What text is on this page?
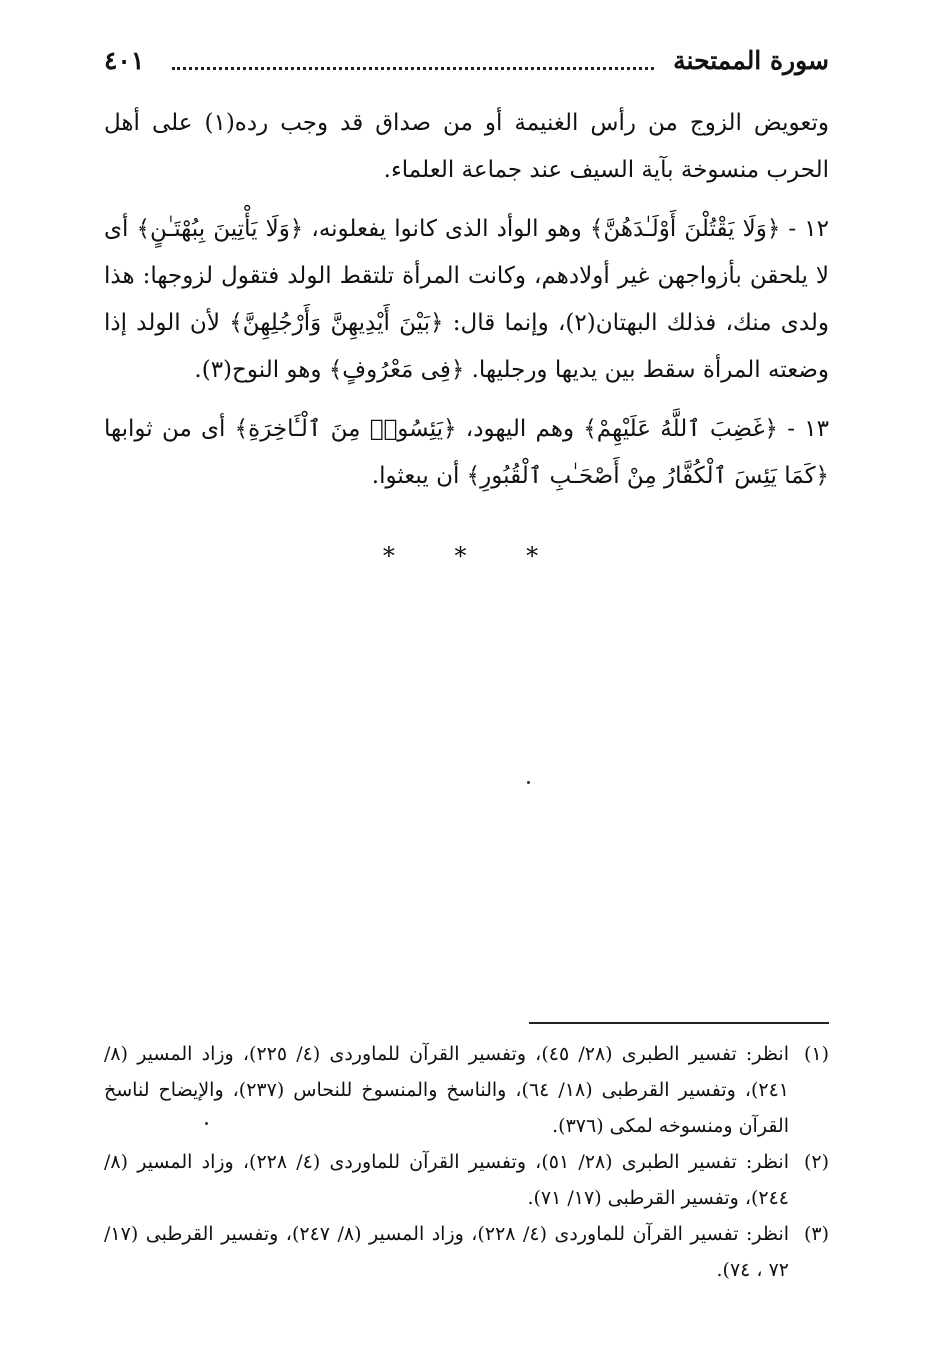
سورة الممتحنة
٤٠١

وتعويض الزوج من رأس الغنيمة أو من صداق قد وجب رده(١) على أهل الحرب منسوخة بآية السيف عند جماعة العلماء.

١٢ - ﴿وَلَا يَقْتُلْنَ أَوْلَـٰدَهُنَّ﴾ وهو الوأد الذى كانوا يفعلونه، ﴿وَلَا يَأْتِينَ بِبُهْتَـٰنٍ﴾ أى لا يلحقن بأزواجهن غير أولادهم، وكانت المرأة تلتقط الولد فتقول لزوجها: هذا ولدى منك، فذلك البهتان(٢)، وإنما قال: ﴿بَيْنَ أَيْدِيهِنَّ وَأَرْجُلِهِنَّ﴾ لأن الولد إذا وضعته المرأة سقط بين يديها ورجليها. ﴿فِى مَعْرُوفٍ﴾ وهو النوح(٣).

١٣ - ﴿غَضِبَ ٱللَّهُ عَلَيْهِمْ﴾ وهم اليهود، ﴿يَئِسُوا۟ مِنَ ٱلْـَٔاخِرَةِ﴾ أى من ثوابها ﴿كَمَا يَئِسَ ٱلْكُفَّارُ مِنْ أَصْحَـٰبِ ٱلْقُبُورِ﴾ أن يبعثوا.

* * *
(١)
انظر: تفسير الطبرى (٢٨/ ٤٥)، وتفسير القرآن للماوردى (٤/ ٢٢٥)، وزاد المسير (٨/ ٢٤١)، وتفسير القرطبى (١٨/ ٦٤)، والناسخ والمنسوخ للنحاس (٢٣٧)، والإيضاح لناسخ القرآن ومنسوخه لمكى (٣٧٦).
(٢)
انظر: تفسير الطبرى (٢٨/ ٥١)، وتفسير القرآن للماوردى (٤/ ٢٢٨)، وزاد المسير (٨/ ٢٤٤)، وتفسير القرطبى (١٧/ ٧١).
(٣)
انظر: تفسير القرآن للماوردى (٤/ ٢٢٨)، وزاد المسير (٨/ ٢٤٧)، وتفسير القرطبى (١٧/ ٧٢ ، ٧٤).
